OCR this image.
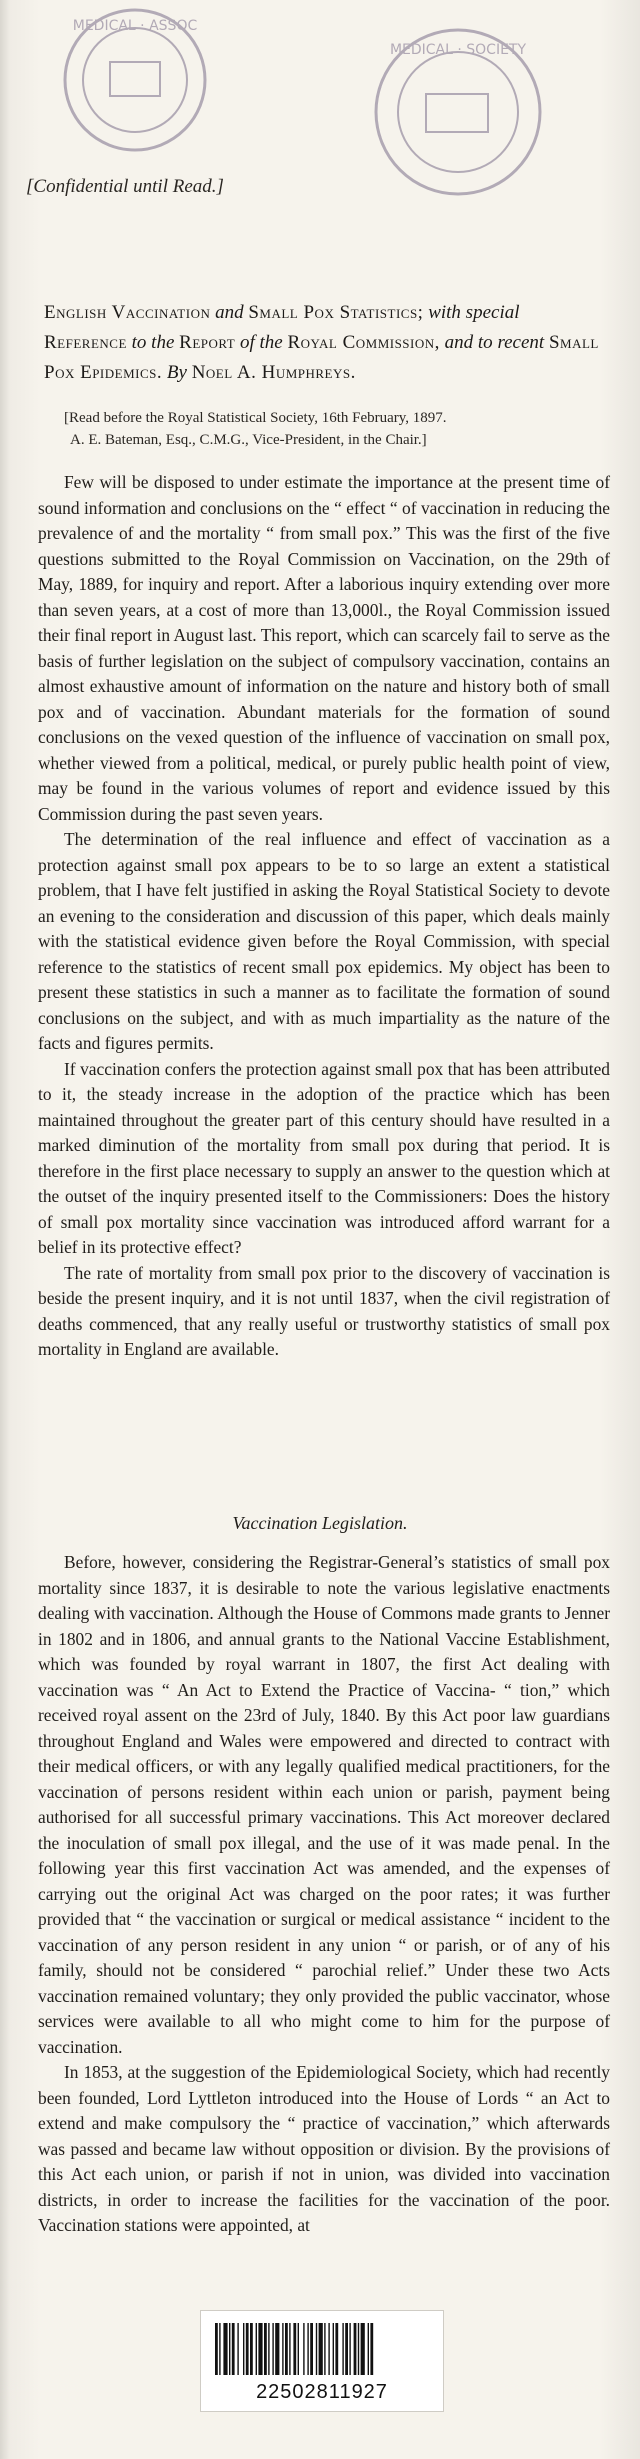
MEDICAL · ASSOC
MEDICAL · SOCIETY
[Confidential until Read.]
English Vaccination and Small Pox Statistics; with special Reference to the Report of the Royal Commission, and to recent Small Pox Epidemics. By Noel A. Humphreys.
[Read before the Royal Statistical Society, 16th February, 1897.
A. E. Bateman, Esq., C.M.G., Vice-President, in the Chair.]

Few will be disposed to under estimate the importance at the present time of sound information and conclusions on the “ effect “ of vaccination in reducing the prevalence of and the mortality “ from small pox.” This was the first of the five questions submitted to the Royal Commission on Vaccination, on the 29th of May, 1889, for inquiry and report. After a laborious inquiry extending over more than seven years, at a cost of more than 13,000l., the Royal Commission issued their final report in August last. This report, which can scarcely fail to serve as the basis of further legislation on the subject of compulsory vaccination, contains an almost exhaustive amount of information on the nature and history both of small pox and of vaccination. Abundant materials for the formation of sound conclusions on the vexed question of the influence of vaccination on small pox, whether viewed from a political, medical, or purely public health point of view, may be found in the various volumes of report and evidence issued by this Commission during the past seven years.

The determination of the real influence and effect of vaccination as a protection against small pox appears to be to so large an extent a statistical problem, that I have felt justified in asking the Royal Statistical Society to devote an evening to the consideration and discussion of this paper, which deals mainly with the statistical evidence given before the Royal Commission, with special reference to the statistics of recent small pox epidemics. My object has been to present these statistics in such a manner as to facilitate the formation of sound conclusions on the subject, and with as much impartiality as the nature of the facts and figures permits.

If vaccination confers the protection against small pox that has been attributed to it, the steady increase in the adoption of the practice which has been maintained throughout the greater part of this century should have resulted in a marked diminution of the mortality from small pox during that period. It is therefore in the first place necessary to supply an answer to the question which at the outset of the inquiry presented itself to the Commissioners: Does the history of small pox mortality since vaccination was introduced afford warrant for a belief in its protective effect?

The rate of mortality from small pox prior to the discovery of vaccination is beside the present inquiry, and it is not until 1837, when the civil registration of deaths commenced, that any really useful or trustworthy statistics of small pox mortality in England are available.

Vaccination Legislation.

Before, however, considering the Registrar-General’s statistics of small pox mortality since 1837, it is desirable to note the various legislative enactments dealing with vaccination. Although the House of Commons made grants to Jenner in 1802 and in 1806, and annual grants to the National Vaccine Establishment, which was founded by royal warrant in 1807, the first Act dealing with vaccination was “ An Act to Extend the Practice of Vaccina- “ tion,” which received royal assent on the 23rd of July, 1840. By this Act poor law guardians throughout England and Wales were empowered and directed to contract with their medical officers, or with any legally qualified medical practitioners, for the vaccination of persons resident within each union or parish, payment being authorised for all successful primary vaccinations. This Act moreover declared the inoculation of small pox illegal, and the use of it was made penal. In the following year this first vaccination Act was amended, and the expenses of carrying out the original Act was charged on the poor rates; it was further provided that “ the vaccination or surgical or medical assistance “ incident to the vaccination of any person resident in any union “ or parish, or of any of his family, should not be considered “ parochial relief.” Under these two Acts vaccination remained voluntary; they only provided the public vaccinator, whose services were available to all who might come to him for the purpose of vaccination.

In 1853, at the suggestion of the Epidemiological Society, which had recently been founded, Lord Lyttleton introduced into the House of Lords “ an Act to extend and make compulsory the “ practice of vaccination,” which afterwards was passed and became law without opposition or division. By the provisions of this Act each union, or parish if not in union, was divided into vaccination districts, in order to increase the facilities for the vaccination of the poor. Vaccination stations were appointed, at

22502811927
